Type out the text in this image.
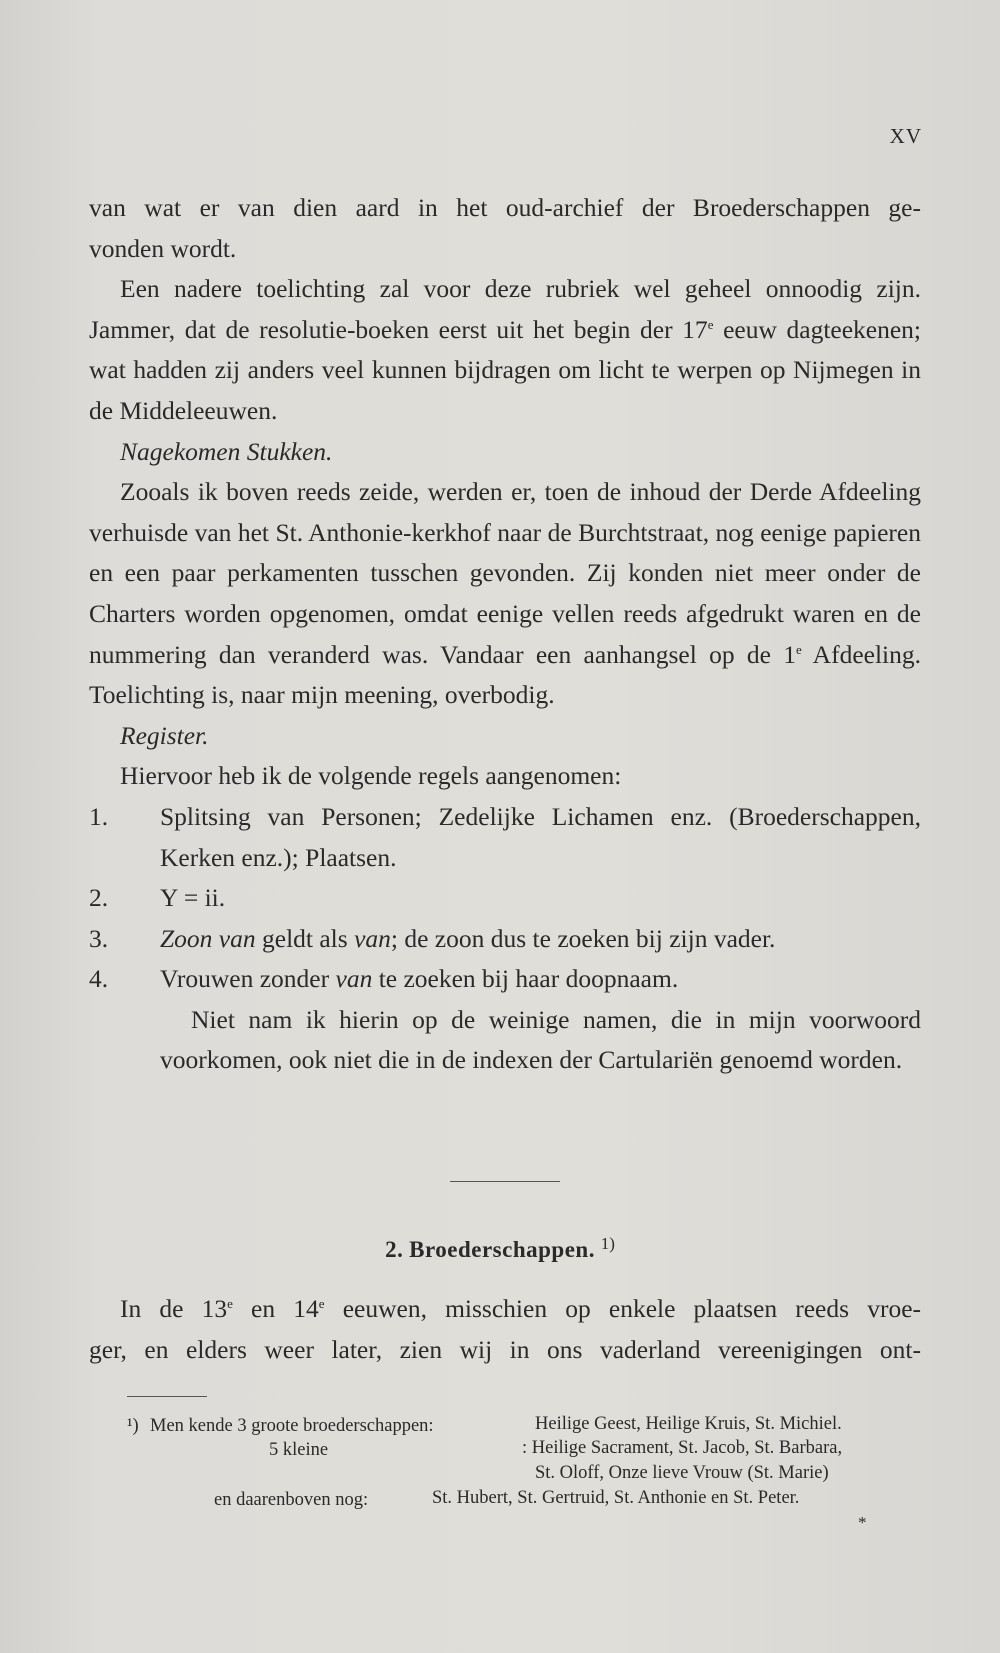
XV

van wat er van dien aard in het oud-archief der Broederschappen ge-

vonden wordt.

Een nadere toelichting zal voor deze rubriek wel geheel onnoodig zijn. Jammer, dat de resolutie-boeken eerst uit het begin der 17e eeuw dagteekenen; wat hadden zij anders veel kunnen bijdragen om licht te werpen op Nijmegen in de Middeleeuwen.

Nagekomen Stukken.

Zooals ik boven reeds zeide, werden er, toen de inhoud der Derde Afdeeling verhuisde van het St. Anthonie-kerkhof naar de Burchtstraat, nog eenige papieren en een paar perkamenten tusschen gevonden. Zij konden niet meer onder de Charters worden opgenomen, omdat eenige vellen reeds afgedrukt waren en de nummering dan veranderd was. Vandaar een aanhangsel op de 1e Afdeeling. Toelichting is, naar mijn meening, overbodig.

Register.

Hiervoor heb ik de volgende regels aangenomen:

1.	Splitsing van Personen; Zedelijke Lichamen enz. (Broederschappen, Kerken enz.); Plaatsen.
2.	Y = ii.
3.	Zoon van geldt als van; de zoon dus te zoeken bij zijn vader.
4.	Vrouwen zonder van te zoeken bij haar doopnaam.

Niet nam ik hierin op de weinige namen, die in mijn voorwoord voorkomen, ook niet die in de indexen der Cartulariën genoemd worden.

2. Broederschappen. $^{1)}$

In de 13e en 14e eeuwen, misschien op enkele plaatsen reeds vroe-

ger, en elders weer later, zien wij in ons vaderland vereenigingen ont-

¹) Men kende 3 groote broederschappen:	Heilige Geest, Heilige Kruis, St. Michiel.
5 kleine	: Heilige Sacrament, St. Jacob, St. Barbara,
St. Oloff, Onze lieve Vrouw (St. Marie)
en daarenboven nog:	St. Hubert, St. Gertruid, St. Anthonie en St. Peter.
*
